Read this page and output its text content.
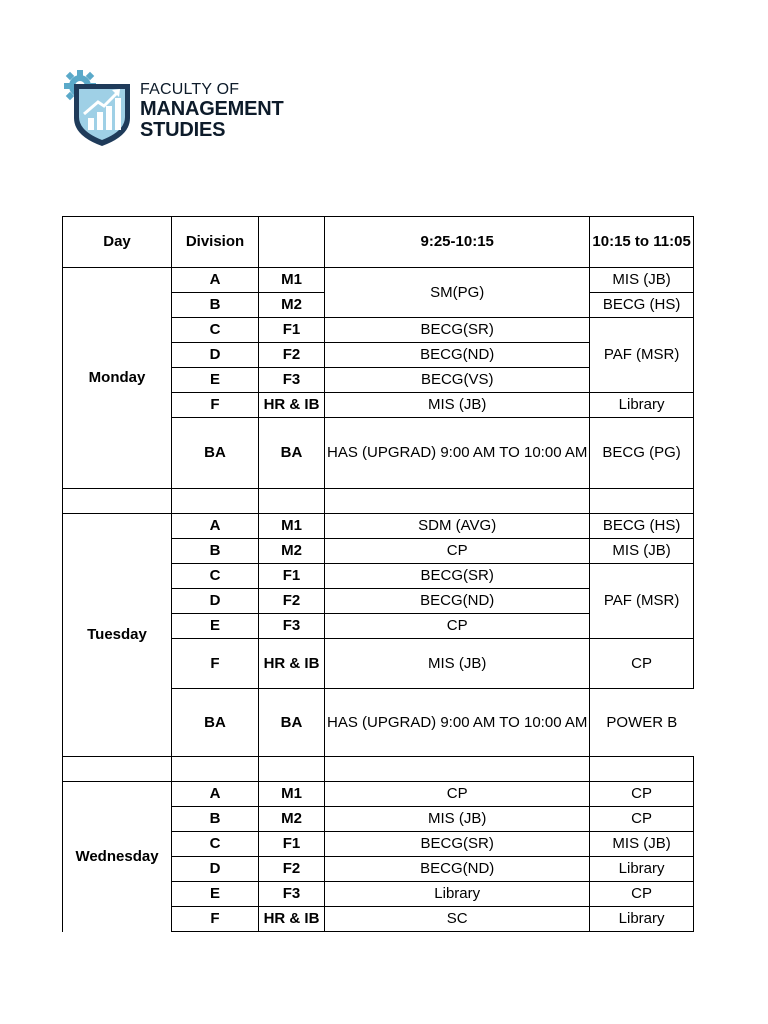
FACULTY OF
MANAGEMENT
STUDIES
Day	Division		9:25-10:15	10:15 to 11:05
Monday	A	M1	SM(PG)	MIS (JB)
	B	M2		BECG (HS)
	C	F1	BECG(SR)	PAF (MSR)
	D	F2	BECG(ND)	
	E	F3	BECG(VS)	
	F	HR & IB	MIS (JB)	Library
	BA	BA	HAS (UPGRAD) 9:00 AM TO 10:00 AM	BECG (PG)

Tuesday	A	M1	SDM (AVG)	BECG (HS)
	B	M2	CP	MIS (JB)
	C	F1	BECG(SR)	PAF (MSR)
	D	F2	BECG(ND)	
	E	F3	CP	
	F	HR & IB	MIS (JB)	CP
	BA	BA	HAS (UPGRAD) 9:00 AM TO 10:00 AM	POWER B

Wednesday	A	M1	CP	CP
	B	M2	MIS (JB)	CP
	C	F1	BECG(SR)	MIS (JB)
	D	F2	BECG(ND)	Library
	E	F3	Library	CP
	F	HR & IB	SC	Library
